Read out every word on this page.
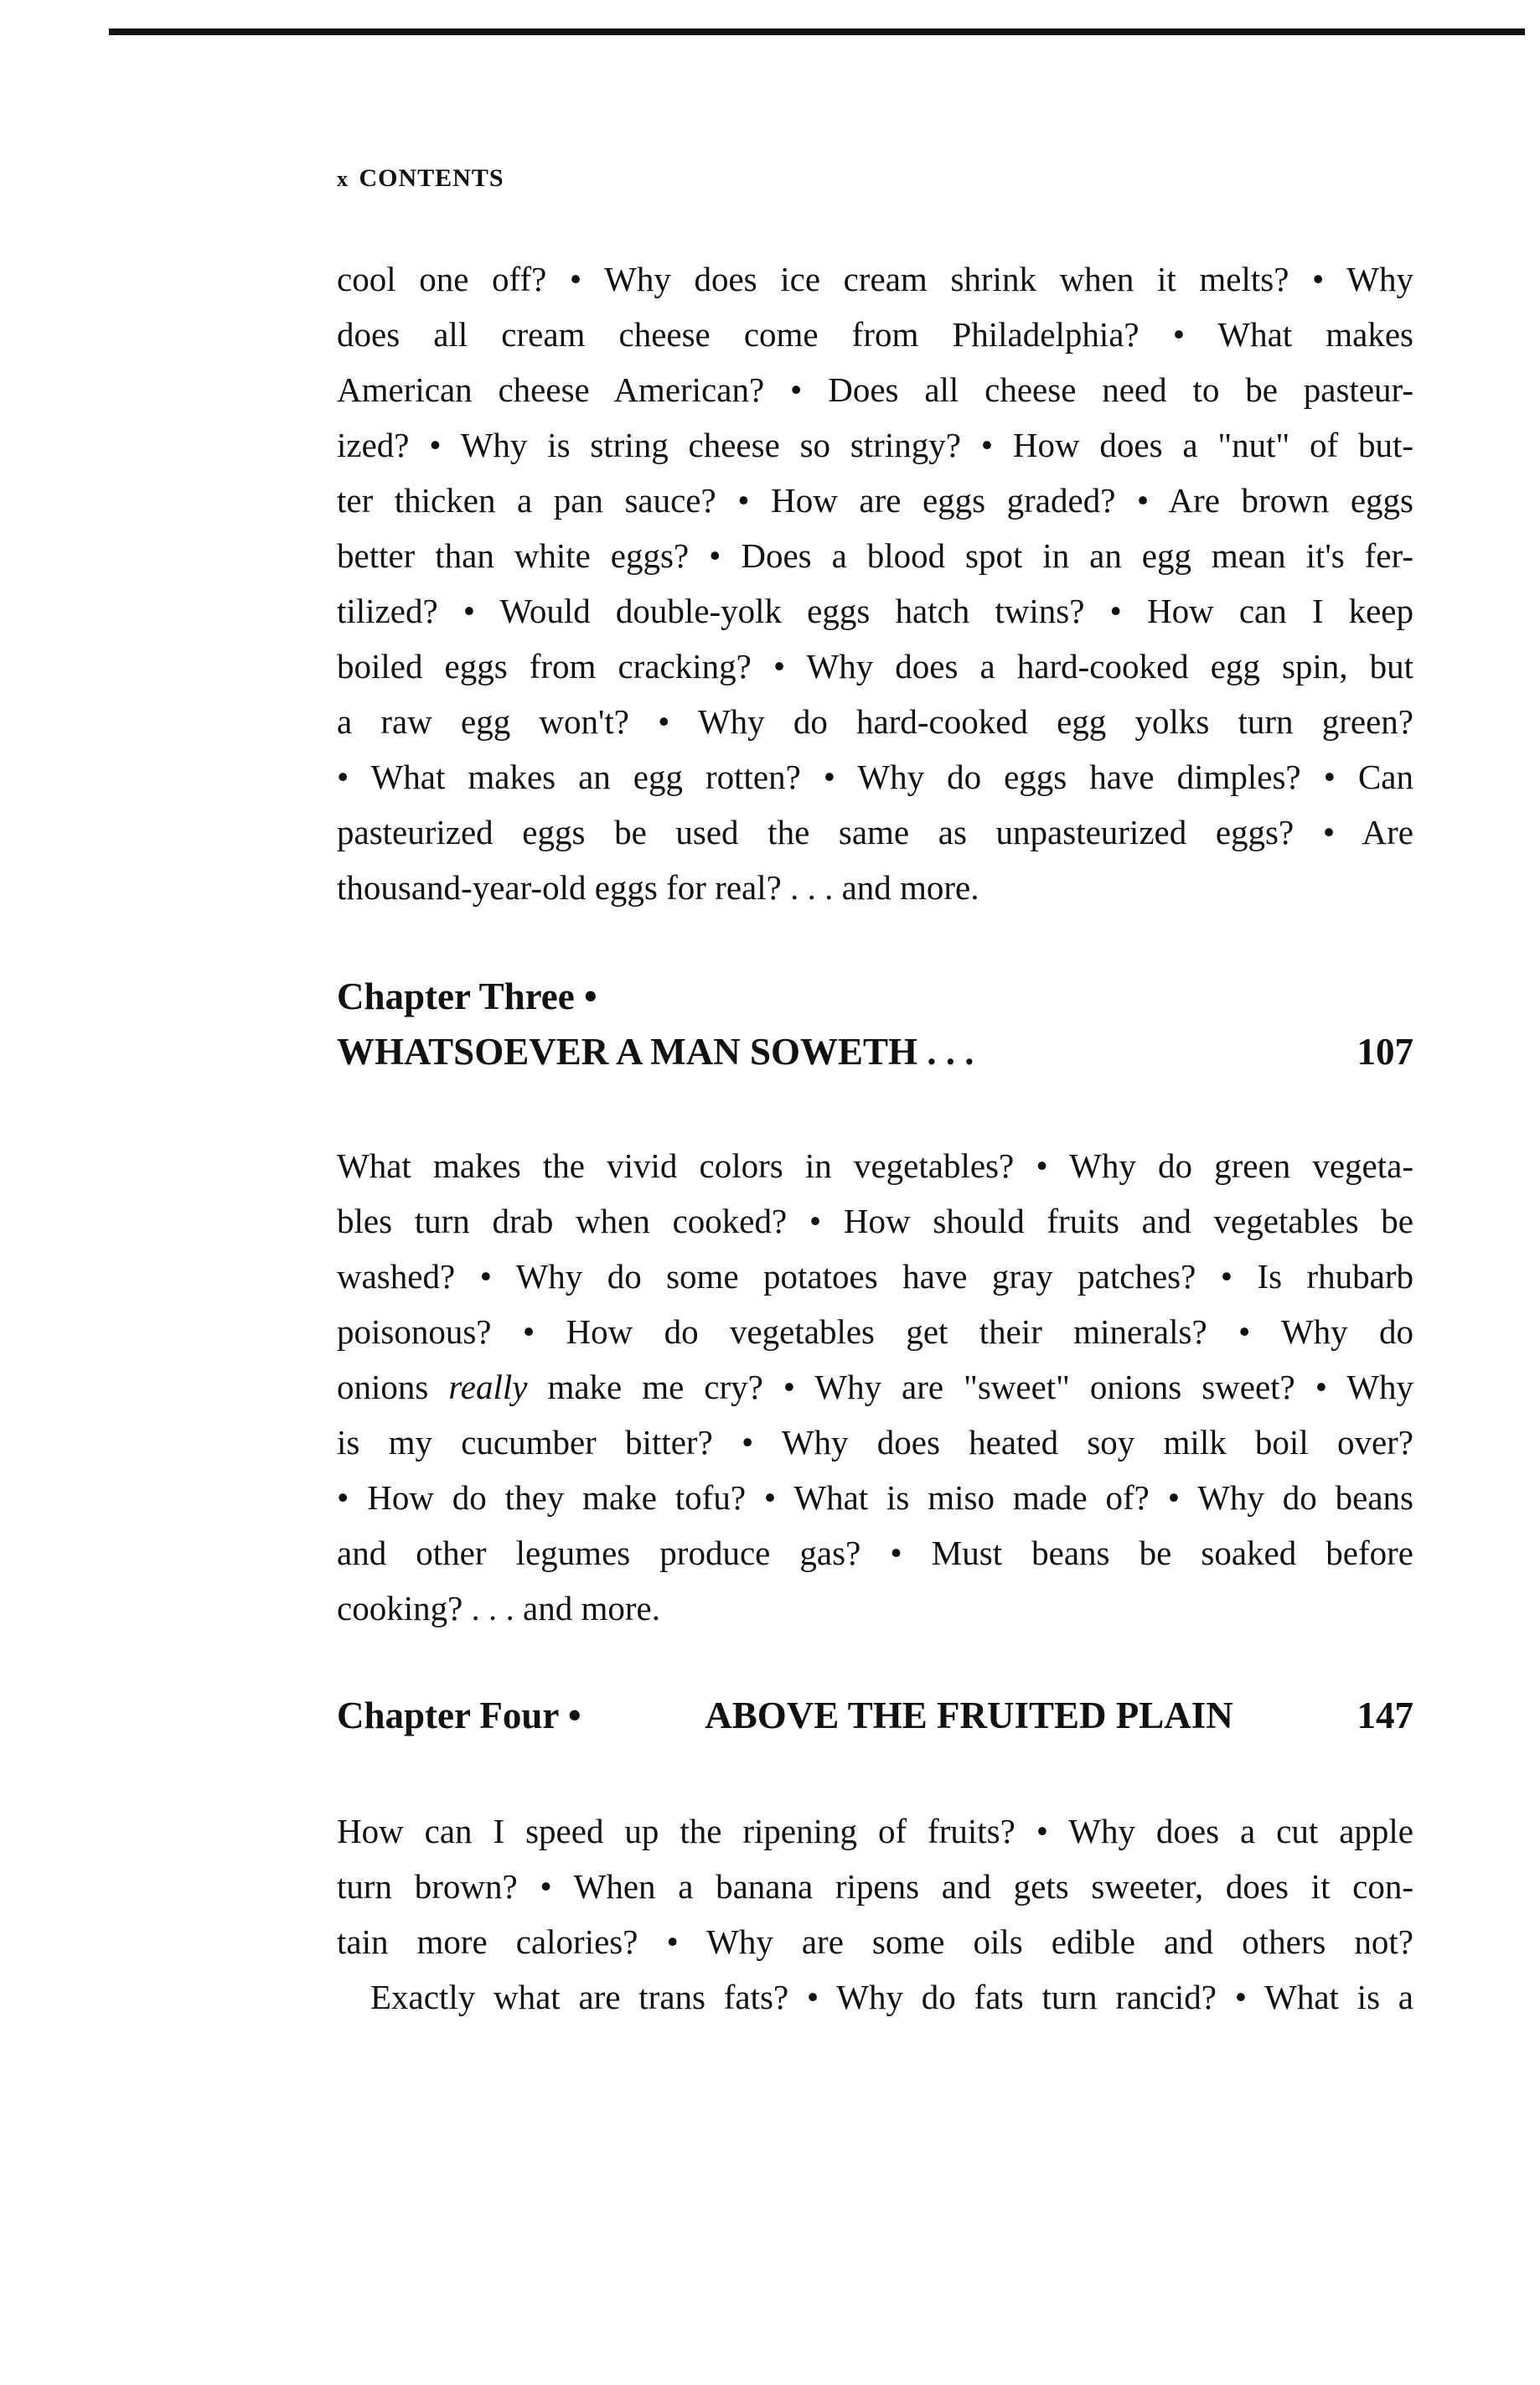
x CONTENTS
cool one off? • Why does ice cream shrink when it melts? • Why
does all cream cheese come from Philadelphia? • What makes
American cheese American? • Does all cheese need to be pasteur-
ized? • Why is string cheese so stringy? • How does a "nut" of but-
ter thicken a pan sauce? • How are eggs graded? • Are brown eggs
better than white eggs? • Does a blood spot in an egg mean it's fer-
tilized? • Would double-yolk eggs hatch twins? • How can I keep
boiled eggs from cracking? • Why does a hard-cooked egg spin, but
a raw egg won't? • Why do hard-cooked egg yolks turn green?
• What makes an egg rotten? • Why do eggs have dimples? • Can
pasteurized eggs be used the same as unpasteurized eggs? • Are
thousand-year-old eggs for real? . . . and more.
Chapter Three •
WHATSOEVER A MAN SOWETH . . .	107
What makes the vivid colors in vegetables? • Why do green vegeta-
bles turn drab when cooked? • How should fruits and vegetables be
washed? • Why do some potatoes have gray patches? • Is rhubarb
poisonous? • How do vegetables get their minerals? • Why do
onions really make me cry? • Why are "sweet" onions sweet? • Why
is my cucumber bitter? • Why does heated soy milk boil over?
• How do they make tofu? • What is miso made of? • Why do beans
and other legumes produce gas? • Must beans be soaked before
cooking? . . . and more.
Chapter Four •	ABOVE THE FRUITED PLAIN	147
How can I speed up the ripening of fruits? • Why does a cut apple
turn brown? • When a banana ripens and gets sweeter, does it con-
tain more calories? • Why are some oils edible and others not?
Exactly what are trans fats? • Why do fats turn rancid? • What is a
